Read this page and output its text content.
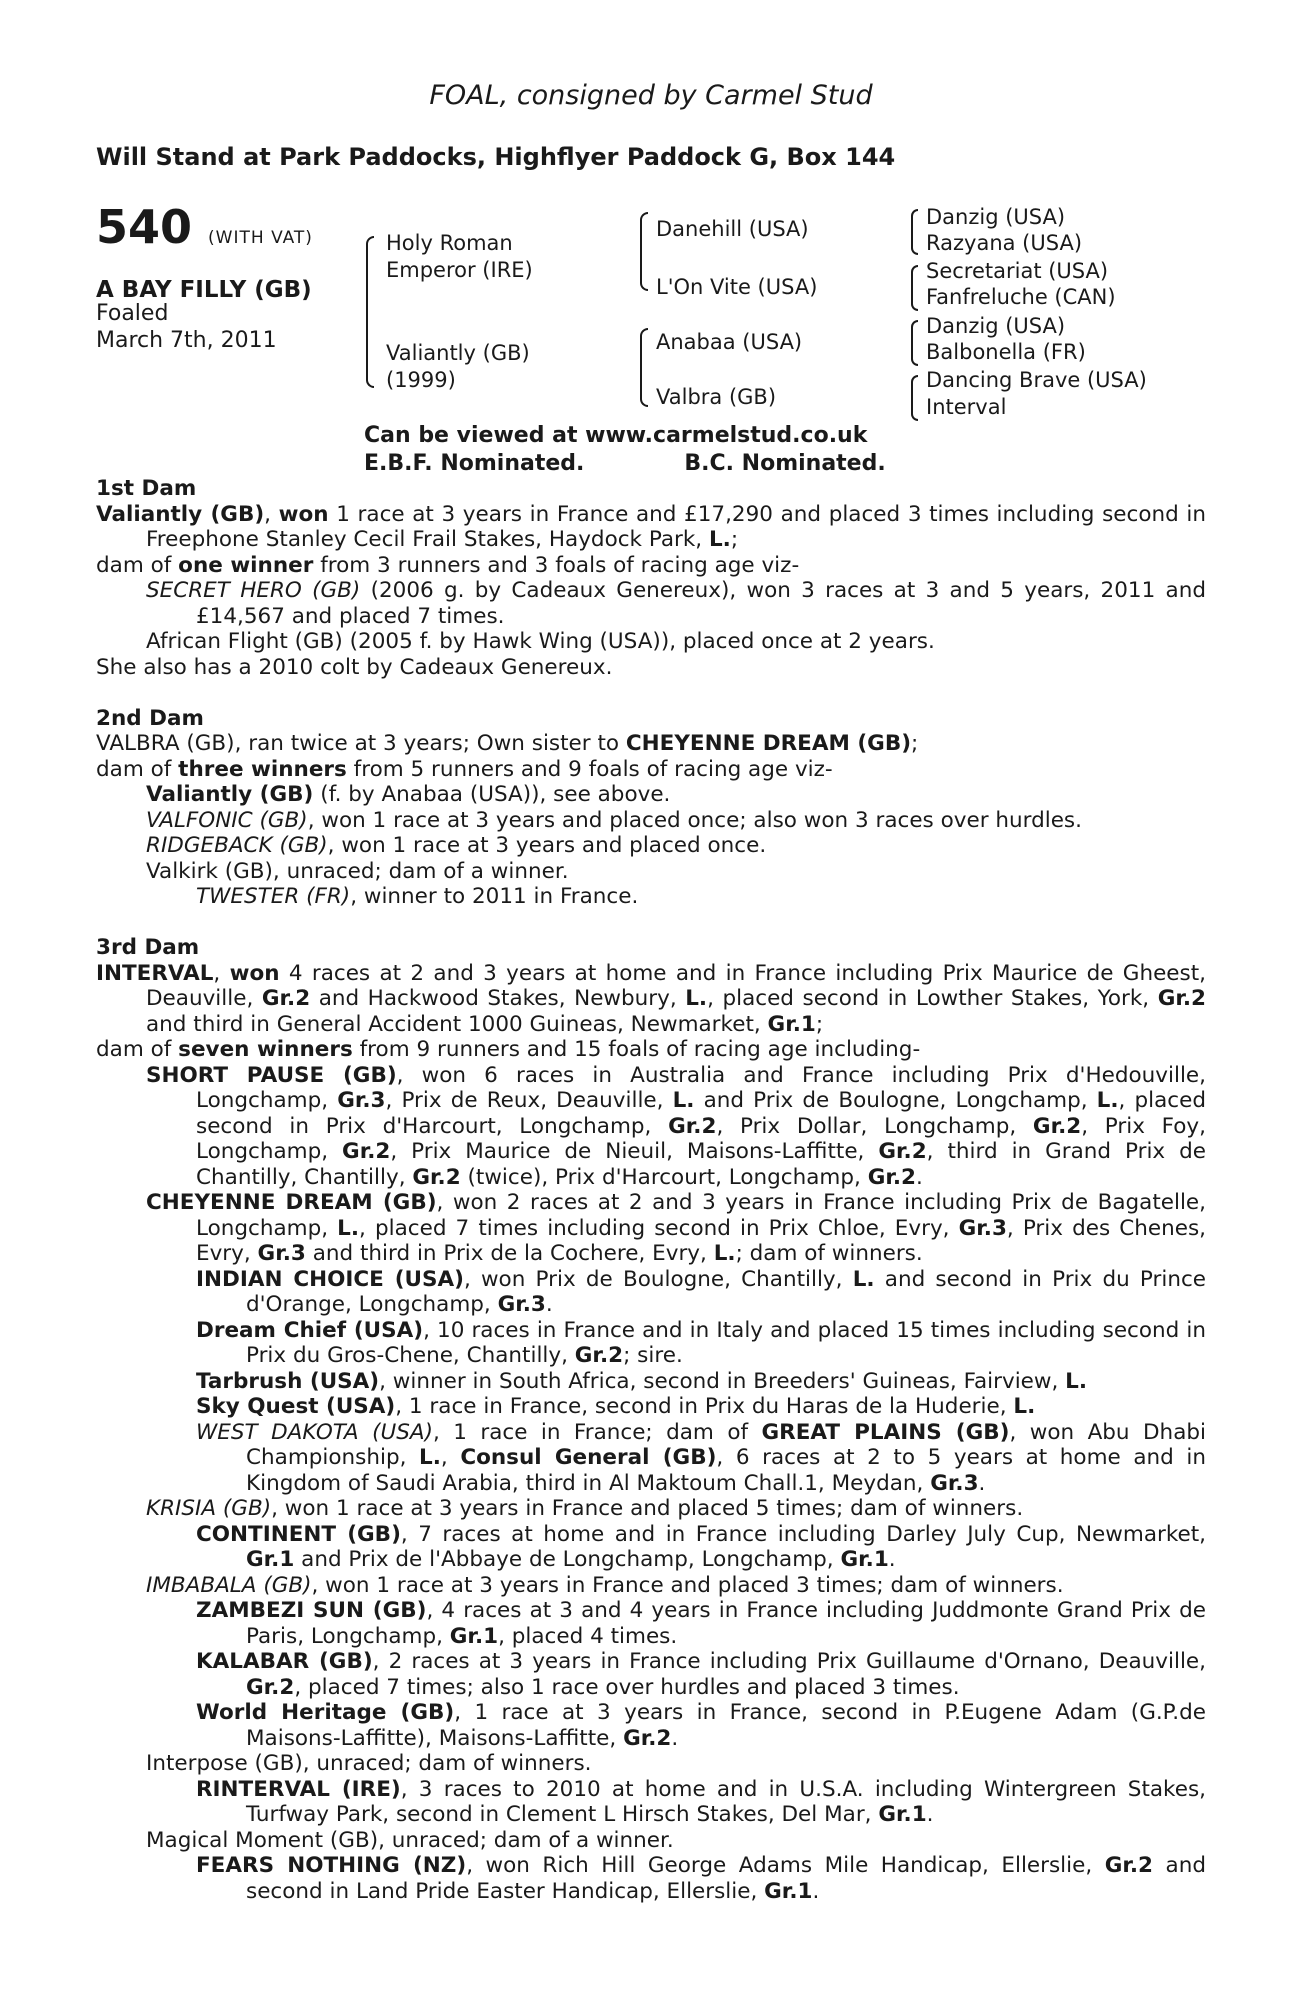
FOAL, consigned by Carmel Stud
Will Stand at Park Paddocks, Highflyer Paddock G, Box 144
540 (WITH VAT)
A BAY FILLY (GB)
Foaled
March 7th, 2011
Holy Roman
Emperor (IRE)
Valiantly (GB)
(1999)
Danehill (USA)
L'On Vite (USA)
Anabaa (USA)
Valbra (GB)
Danzig (USA)
Razyana (USA)
Secretariat (USA)
Fanfreluche (CAN)
Danzig (USA)
Balbonella (FR)
Dancing Brave (USA)
Interval
Can be viewed at www.carmelstud.co.uk
E.B.F. Nominated.	B.C. Nominated.

1st Dam

Valiantly (GB), won 1 race at 3 years in France and £17,290 and placed 3 times including second in Freephone Stanley Cecil Frail Stakes, Haydock Park, L.;

dam of one winner from 3 runners and 3 foals of racing age viz-

SECRET HERO (GB) (2006 g. by Cadeaux Genereux), won 3 races at 3 and 5 years, 2011 and £14,567 and placed 7 times.

African Flight (GB) (2005 f. by Hawk Wing (USA)), placed once at 2 years.

She also has a 2010 colt by Cadeaux Genereux.

2nd Dam

VALBRA (GB), ran twice at 3 years; Own sister to CHEYENNE DREAM (GB);

dam of three winners from 5 runners and 9 foals of racing age viz-

Valiantly (GB) (f. by Anabaa (USA)), see above.

VALFONIC (GB), won 1 race at 3 years and placed once; also won 3 races over hurdles.

RIDGEBACK (GB), won 1 race at 3 years and placed once.

Valkirk (GB), unraced; dam of a winner.

TWESTER (FR), winner to 2011 in France.

3rd Dam

INTERVAL, won 4 races at 2 and 3 years at home and in France including Prix Maurice de Gheest, Deauville, Gr.2 and Hackwood Stakes, Newbury, L., placed second in Lowther Stakes, York, Gr.2 and third in General Accident 1000 Guineas, Newmarket, Gr.1;

dam of seven winners from 9 runners and 15 foals of racing age including-

SHORT PAUSE (GB), won 6 races in Australia and France including Prix d'Hedouville, Longchamp, Gr.3, Prix de Reux, Deauville, L. and Prix de Boulogne, Longchamp, L., placed second in Prix d'Harcourt, Longchamp, Gr.2, Prix Dollar, Longchamp, Gr.2, Prix Foy, Longchamp, Gr.2, Prix Maurice de Nieuil, Maisons-Laffitte, Gr.2, third in Grand Prix de Chantilly, Chantilly, Gr.2 (twice), Prix d'Harcourt, Longchamp, Gr.2.

CHEYENNE DREAM (GB), won 2 races at 2 and 3 years in France including Prix de Bagatelle, Longchamp, L., placed 7 times including second in Prix Chloe, Evry, Gr.3, Prix des Chenes, Evry, Gr.3 and third in Prix de la Cochere, Evry, L.; dam of winners.

INDIAN CHOICE (USA), won Prix de Boulogne, Chantilly, L. and second in Prix du Prince d'Orange, Longchamp, Gr.3.

Dream Chief (USA), 10 races in France and in Italy and placed 15 times including second in Prix du Gros-Chene, Chantilly, Gr.2; sire.

Tarbrush (USA), winner in South Africa, second in Breeders' Guineas, Fairview, L.

Sky Quest (USA), 1 race in France, second in Prix du Haras de la Huderie, L.

WEST DAKOTA (USA), 1 race in France; dam of GREAT PLAINS (GB), won Abu Dhabi Championship, L., Consul General (GB), 6 races at 2 to 5 years at home and in Kingdom of Saudi Arabia, third in Al Maktoum Chall.1, Meydan, Gr.3.

KRISIA (GB), won 1 race at 3 years in France and placed 5 times; dam of winners.

CONTINENT (GB), 7 races at home and in France including Darley July Cup, Newmarket, Gr.1 and Prix de l'Abbaye de Longchamp, Longchamp, Gr.1.

IMBABALA (GB), won 1 race at 3 years in France and placed 3 times; dam of winners.

ZAMBEZI SUN (GB), 4 races at 3 and 4 years in France including Juddmonte Grand Prix de Paris, Longchamp, Gr.1, placed 4 times.

KALABAR (GB), 2 races at 3 years in France including Prix Guillaume d'Ornano, Deauville, Gr.2, placed 7 times; also 1 race over hurdles and placed 3 times.

World Heritage (GB), 1 race at 3 years in France, second in P.Eugene Adam (G.P.de Maisons-Laffitte), Maisons-Laffitte, Gr.2.

Interpose (GB), unraced; dam of winners.

RINTERVAL (IRE), 3 races to 2010 at home and in U.S.A. including Wintergreen Stakes, Turfway Park, second in Clement L Hirsch Stakes, Del Mar, Gr.1.

Magical Moment (GB), unraced; dam of a winner.

FEARS NOTHING (NZ), won Rich Hill George Adams Mile Handicap, Ellerslie, Gr.2 and second in Land Pride Easter Handicap, Ellerslie, Gr.1.
